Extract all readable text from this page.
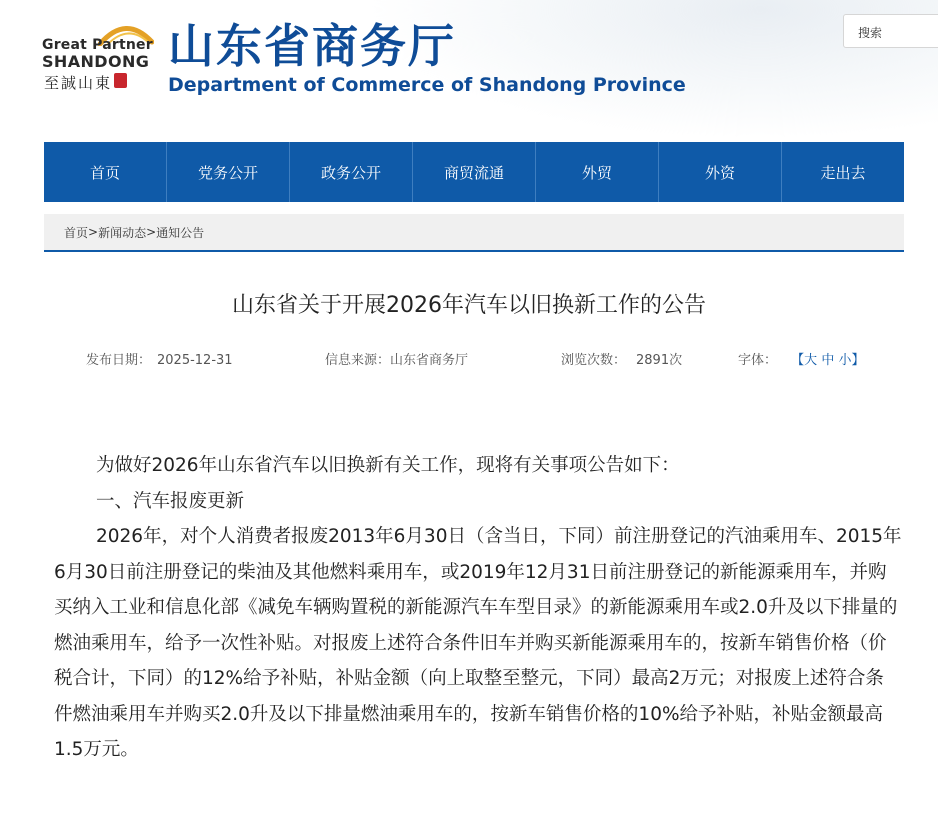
Great Partner
SHANDONG
至誠山東
山东省商务厅
Department of Commerce of Shandong Province
搜索
首页	党务公开	政务公开	商贸流通	外贸	外资	走出去
首页 > 新闻动态 > 通知公告
山东省关于开展2026年汽车以旧换新工作的公告
发布日期： 2025-12-31	信息来源：山东省商务厅	浏览次数： 2891次	字体： 【大 中 小】

为做好2026年山东省汽车以旧换新有关工作，现将有关事项公告如下：

一、汽车报废更新

2026年，对个人消费者报废2013年6月30日（含当日，下同）前注册登记的汽油乘用车、2015年6月30日前注册登记的柴油及其他燃料乘用车，或2019年12月31日前注册登记的新能源乘用车，并购买纳入工业和信息化部《减免车辆购置税的新能源汽车车型目录》的新能源乘用车或2.0升及以下排量的燃油乘用车，给予一次性补贴。对报废上述符合条件旧车并购买新能源乘用车的，按新车销售价格（价税合计，下同）的12%给予补贴，补贴金额（向上取整至整元，下同）最高2万元；对报废上述符合条件燃油乘用车并购买2.0升及以下排量燃油乘用车的，按新车销售价格的10%给予补贴，补贴金额最高1.5万元。
